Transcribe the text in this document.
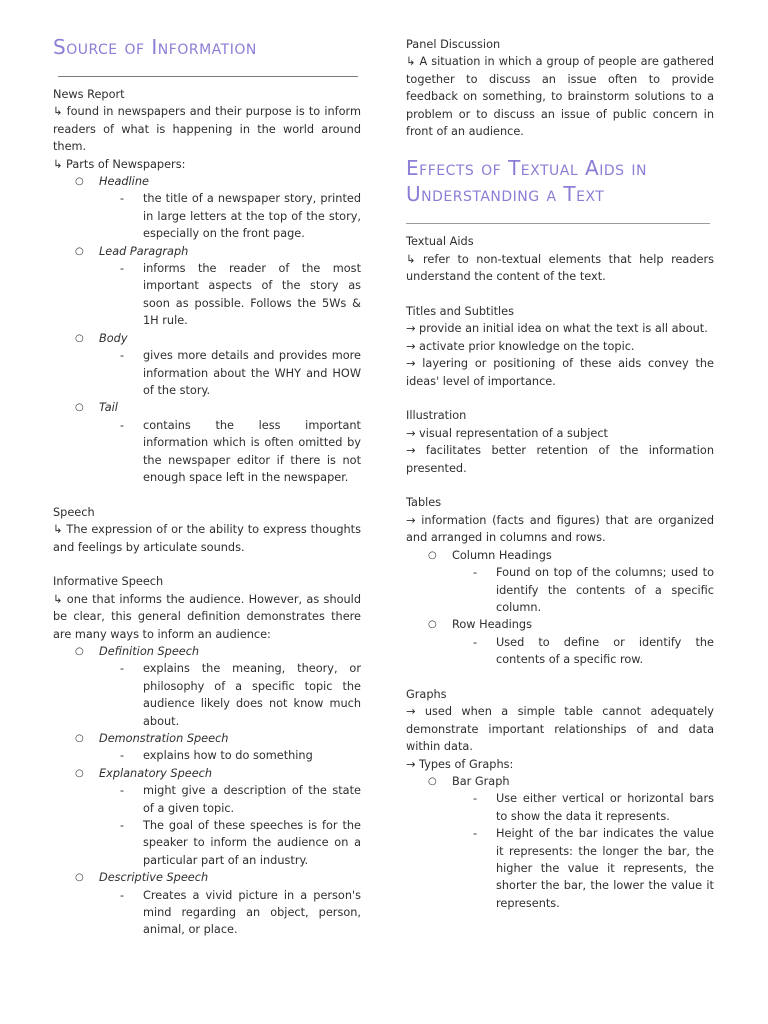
Source of Information

News Report

↳ found in newspapers and their purpose is to inform readers of what is happening in the world around them.

↳ Parts of Newspapers:

○ Headline
- the title of a newspaper story, printed in large letters at the top of the story, especially on the front page.
○ Lead Paragraph
- informs the reader of the most important aspects of the story as soon as possible. Follows the 5Ws & 1H rule.
○ Body
- gives more details and provides more information about the WHY and HOW of the story.
○ Tail
- contains the less important information which is often omitted by the newspaper editor if there is not enough space left in the newspaper.

Speech

↳ The expression of or the ability to express thoughts and feelings by articulate sounds.

Informative Speech

↳ one that informs the audience. However, as should be clear, this general definition demonstrates there are many ways to inform an audience:

○ Definition Speech
- explains the meaning, theory, or philosophy of a specific topic the audience likely does not know much about.
○ Demonstration Speech
- explains how to do something
○ Explanatory Speech
- might give a description of the state of a given topic.
- The goal of these speeches is for the speaker to inform the audience on a particular part of an industry.
○ Descriptive Speech
- Creates a vivid picture in a person's mind regarding an object, person, animal, or place.

Panel Discussion

↳ A situation in which a group of people are gathered together to discuss an issue often to provide feedback on something, to brainstorm solutions to a problem or to discuss an issue of public concern in front of an audience.

Effects of Textual Aids in Understanding a Text

Textual Aids

↳ refer to non-textual elements that help readers understand the content of the text.

Titles and Subtitles

→ provide an initial idea on what the text is all about.

→ activate prior knowledge on the topic.

→ layering or positioning of these aids convey the ideas' level of importance.

Illustration

→ visual representation of a subject

→ facilitates better retention of the information presented.

Tables

→ information (facts and figures) that are organized and arranged in columns and rows.

○ Column Headings
- Found on top of the columns; used to identify the contents of a specific column.
○ Row Headings
- Used to define or identify the contents of a specific row.

Graphs

→ used when a simple table cannot adequately demonstrate important relationships of and data within data.

→ Types of Graphs:

○ Bar Graph
- Use either vertical or horizontal bars to show the data it represents.
- Height of the bar indicates the value it represents: the longer the bar, the higher the value it represents, the shorter the bar, the lower the value it represents.
